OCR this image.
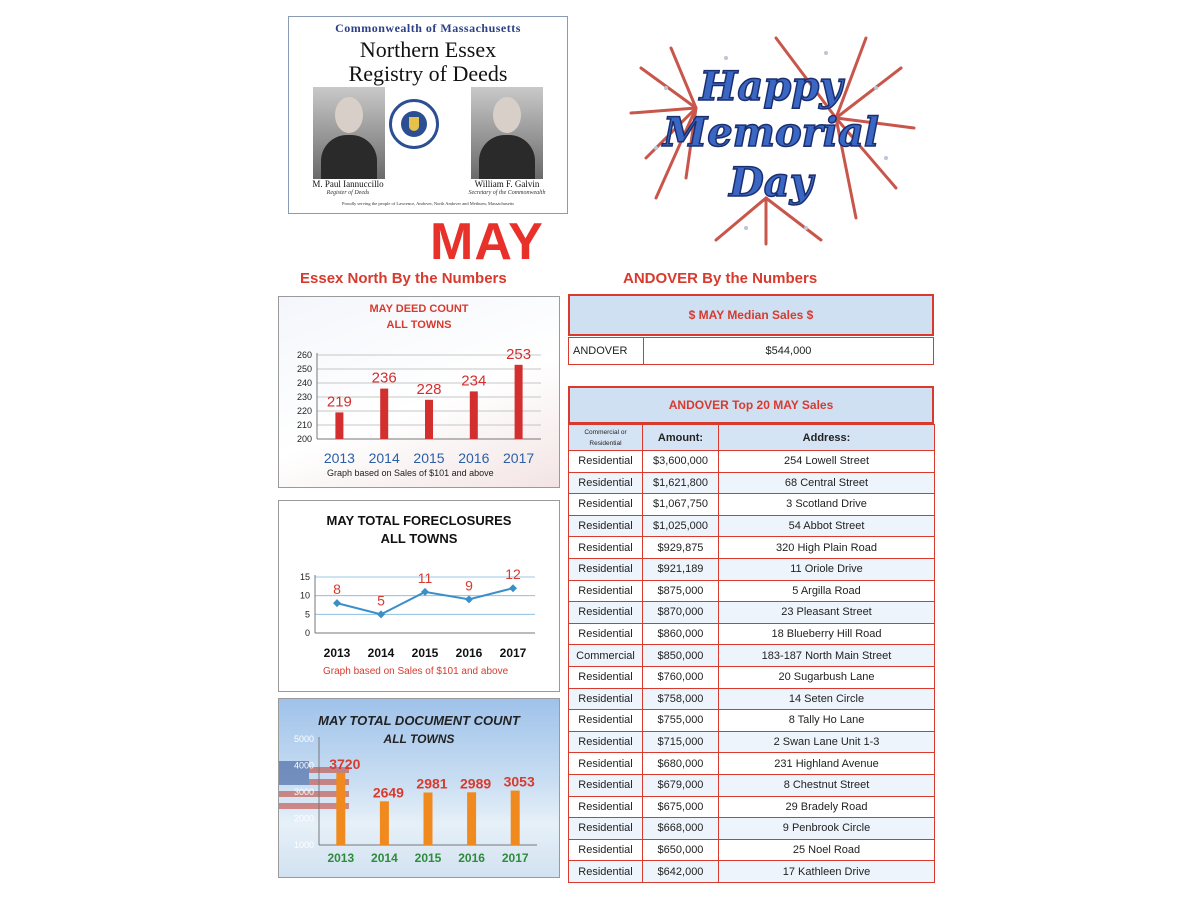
Commonwealth of Massachusetts
Northern Essex
Registry of Deeds
M. Paul Iannuccillo
Register of Deeds
William F. Galvin
Secretary of the Commonwealth
Proudly serving the people of Lawrence, Andover, North Andover and Methuen, Massachusetts
MAY
Happy
Memorial
Day
Essex North By the Numbers	ANDOVER By the Numbers
MAY DEED COUNT
ALL TOWNS
200
210
220
230
240
250
260
219
236
228 234
253
2013 2014 2015 2016 2017
Graph based on Sales of $101 and above
MAY TOTAL FORECLOSURES
ALL TOWNS
0
5
10
15
8
5
11 9
12
2013 2014 2015 2016 2017
Graph based on Sales of $101 and above
MAY TOTAL DOCUMENT COUNT
ALL TOWNS
1000
2000
3000
4000
5000
3720
2649
2981 2989 3053
2013 2014 2015 2016 2017
$ MAY Median Sales $
ANDOVER	$544,000
ANDOVER Top 20 MAY Sales
Commercial or Residential	Amount:	Address:
Residential	$3,600,000	254 Lowell Street
Residential	$1,621,800	68 Central Street
Residential	$1,067,750	3 Scotland Drive
Residential	$1,025,000	54 Abbot Street
Residential	$929,875	320 High Plain Road
Residential	$921,189	11 Oriole Drive
Residential	$875,000	5 Argilla Road
Residential	$870,000	23 Pleasant Street
Residential	$860,000	18 Blueberry Hill Road
Commercial	$850,000	183-187 North Main Street
Residential	$760,000	20 Sugarbush Lane
Residential	$758,000	14 Seten Circle
Residential	$755,000	8 Tally Ho Lane
Residential	$715,000	2 Swan Lane Unit 1-3
Residential	$680,000	231 Highland Avenue
Residential	$679,000	8 Chestnut Street
Residential	$675,000	29 Bradely Road
Residential	$668,000	9 Penbrook Circle
Residential	$650,000	25 Noel Road
Residential	$642,000	17 Kathleen Drive
